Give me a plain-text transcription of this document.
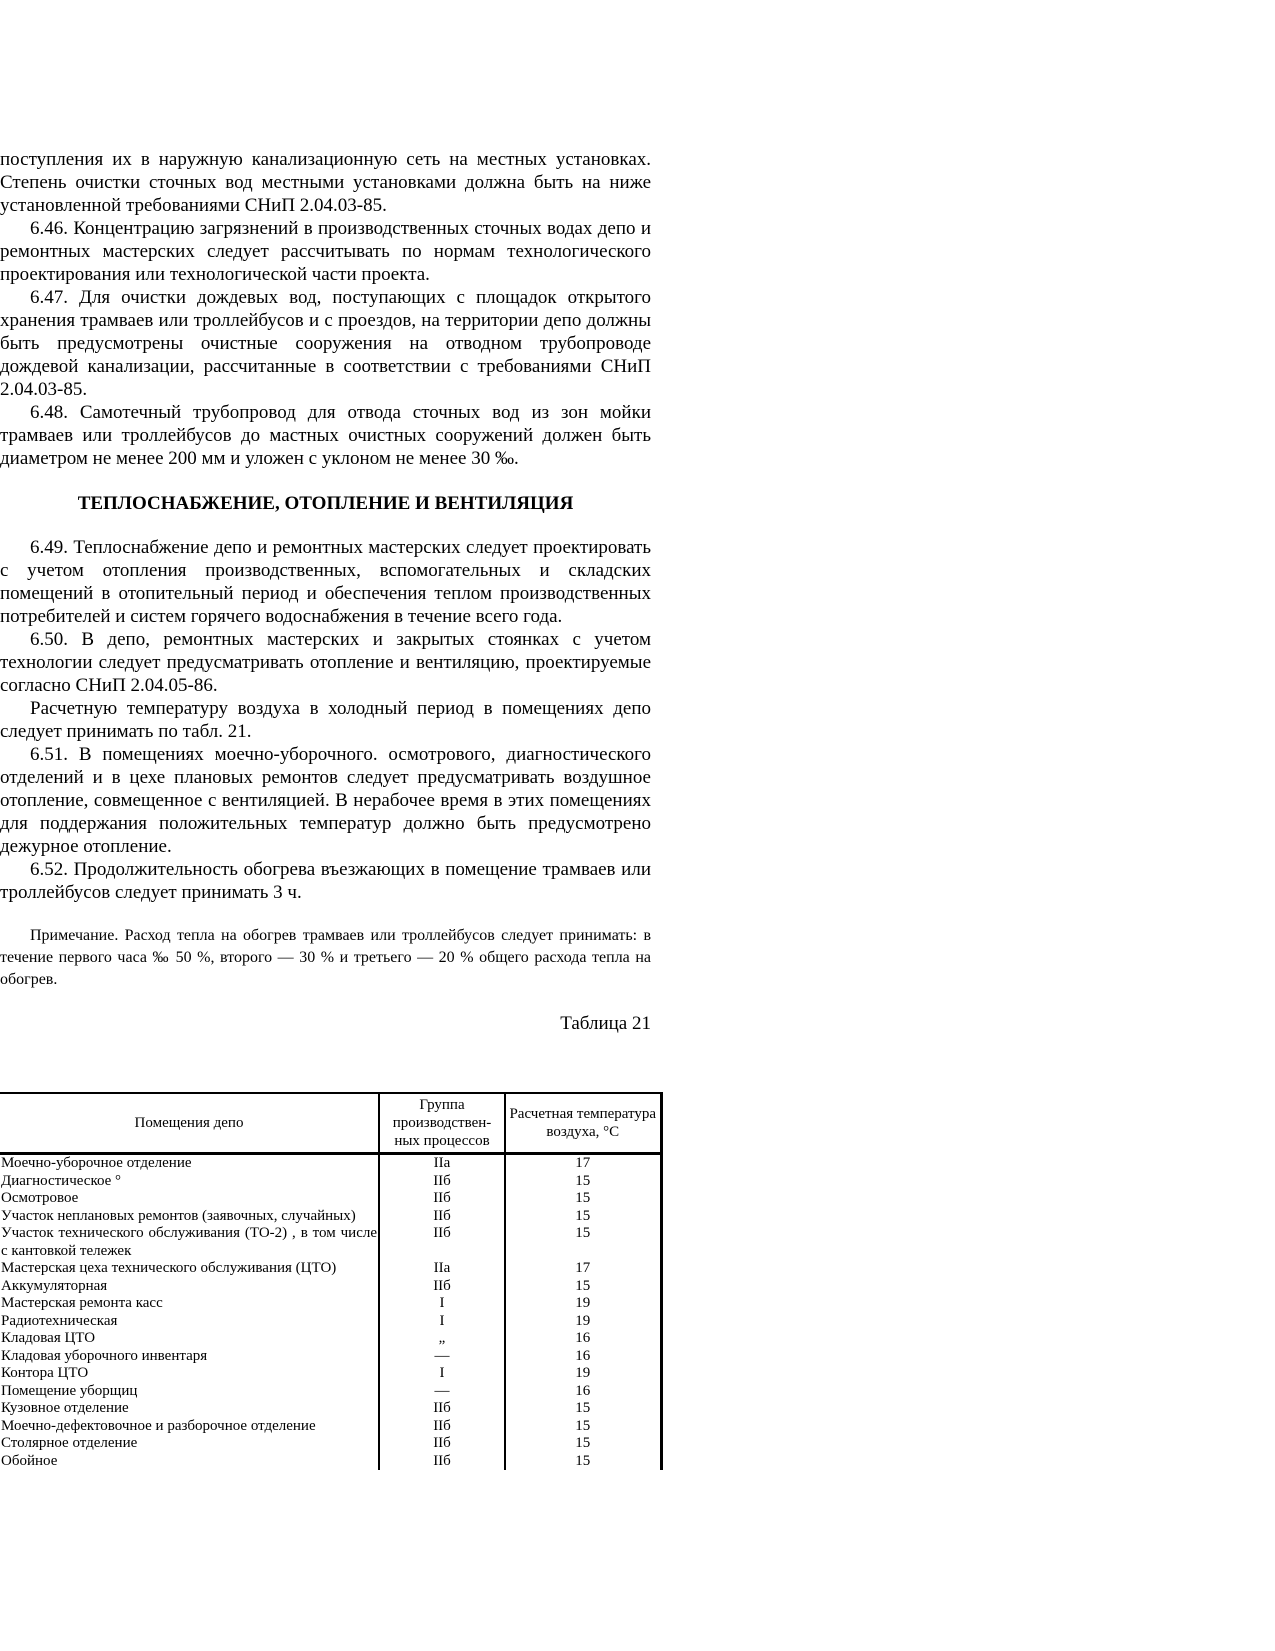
поступления их в наружную канализационную сеть на местных установках. Степень очистки сточных вод местными установками должна быть на ниже установленной требованиями СНиП 2.04.03-85.

6.46. Концентрацию загрязнений в производственных сточных водах депо и ремонтных мастерских следует рассчитывать по нормам технологического проектирования или технологической части проекта.

6.47. Для очистки дождевых вод, поступающих с площадок открытого хранения трамваев или троллейбусов и с проездов, на территории депо должны быть предусмотрены очистные сооружения на отводном трубопроводе дождевой канализации, рассчитанные в соответствии с требованиями СНиП 2.04.03-85.

6.48. Самотечный трубопровод для отвода сточных вод из зон мойки трамваев или троллейбусов до мастных очистных сооружений должен быть диаметром не менее 200 мм и уложен с уклоном не менее 30 ‰.

ТЕПЛОСНАБЖЕНИЕ, ОТОПЛЕНИЕ И ВЕНТИЛЯЦИЯ

6.49. Теплоснабжение депо и ремонтных мастерских следует проектировать с учетом отопления производственных, вспомогательных и складских помещений в отопительный период и обеспечения теплом производственных потребителей и систем горячего водоснабжения в течение всего года.

6.50. В депо, ремонтных мастерских и закрытых стоянках с учетом технологии следует предусматривать отопление и вентиляцию, проектируемые согласно СНиП 2.04.05-86.

Расчетную температуру воздуха в холодный период в помещениях депо следует принимать по табл. 21.

6.51. В помещениях моечно-уборочного. осмотрового, диагностического отделений и в цехе плановых ремонтов следует предусматривать воздушное отопление, совмещенное с вентиляцией. В нерабочее время в этих помещениях для поддержания положительных температур должно быть предусмотрено дежурное отопление.

6.52. Продолжительность обогрева въезжающих в помещение трамваев или троллейбусов следует принимать 3 ч.

Примечание. Расход тепла на обогрев трамваев или троллейбусов следует принимать: в течение первого часа ‰ 50 %, второго — 30 % и третьего — 20 % общего расхода тепла на обогрев.
Таблица 21
Помещения депо	Группа производствен-ных процессов	Расчетная температура воздуха, °С
Моечно-уборочное отделение	IIa	17
Диагностическое °	IIб	15
Осмотровое	IIб	15
Участок неплановых ремонтов (заявочных, случайных)	IIб	15
Участок технического обслуживания (ТО-2) , в том числе с кантовкой тележек	IIб	15
Мастерская цеха технического обслуживания (ЦТО)	IIa	17
Аккумуляторная	IIб	15
Мастерская ремонта касс	I	19
Радиотехническая	I	19
Кладовая ЦТО	„	16
Кладовая уборочного инвентаря	—	16
Контора ЦТО	I	19
Помещение уборщиц	—	16
Кузовное отделение	IIб	15
Моечно-дефектовочное и разборочное отделение	IIб	15
Столярное отделение	IIб	15
Обойное	IIб	15
